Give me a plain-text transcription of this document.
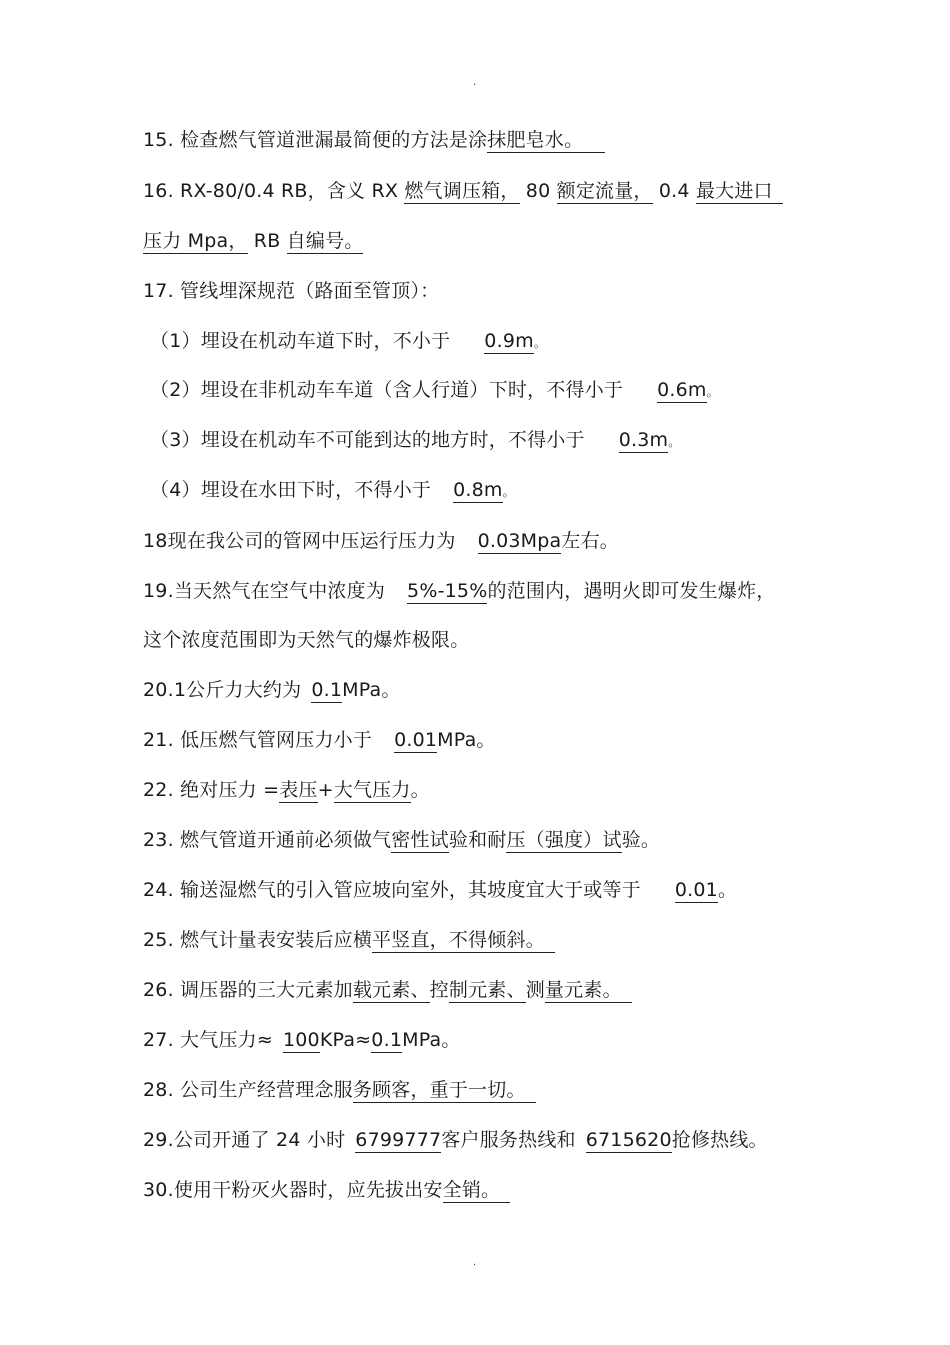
.
15. 检查燃气管道泄漏最简便的方法是涂抹肥皂水。
16. RX-80/0.4 RB，含义 RX 燃气调压箱， 80 额定流量， 0.4 最大进口
压力 Mpa， RB 自编号。
17. 管线埋深规范（路面至管顶）：
（1）埋设在机动车道下时，不小于 0.9m。
（2）埋设在非机动车车道（含人行道）下时，不得小于 0.6m。
（3）埋设在机动车不可能到达的地方时，不得小于 0.3m。
（4）埋设在水田下时，不得小于 0.8m。
18现在我公司的管网中压运行压力为 0.03Mpa左右。
19.当天然气在空气中浓度为 5%-15%的范围内，遇明火即可发生爆炸，
这个浓度范围即为天然气的爆炸极限。
20.1公斤力大约为 0.1MPa。
21. 低压燃气管网压力小于 0.01MPa。
22. 绝对压力 =表压+大气压力。
23. 燃气管道开通前必须做气密性试验和耐压（强度）试验。
24. 输送湿燃气的引入管应坡向室外，其坡度宜大于或等于 0.01。
25. 燃气计量表安装后应横平竖直，不得倾斜。
26. 调压器的三大元素加载元素、控制元素、测量元素。
27. 大气压力≈ 100KPa≈0.1MPa。
28. 公司生产经营理念服务顾客，重于一切。
29.公司开通了 24 小时 6799777客户服务热线和 6715620抢修热线。
30.使用干粉灭火器时，应先拔出安全销。
.
